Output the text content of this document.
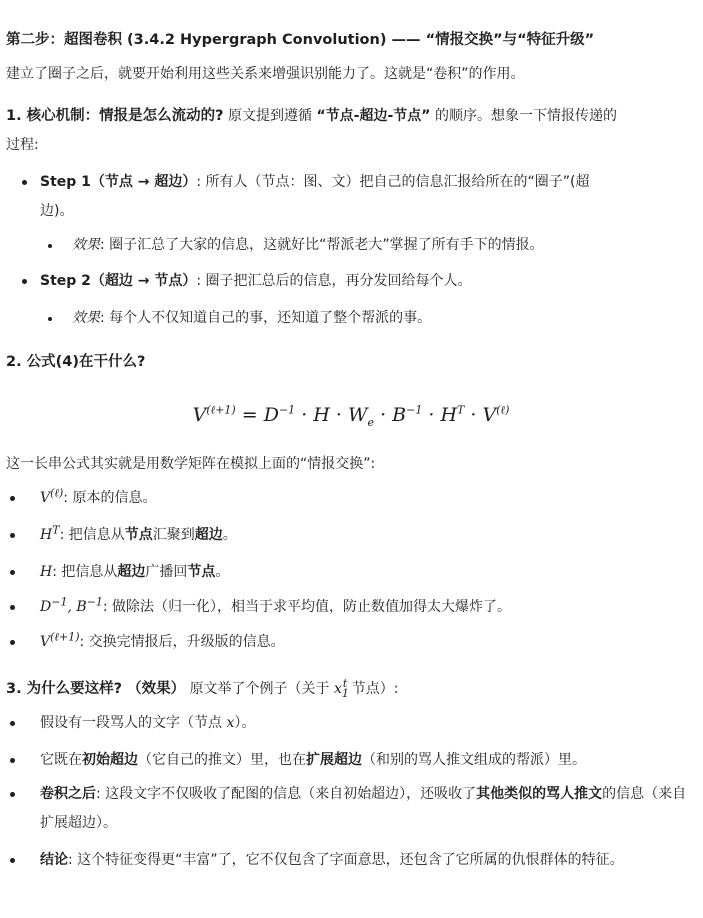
第二步：超图卷积 (3.4.2 Hypergraph Convolution) —— “情报交换”与“特征升级”
建立了圈子之后，就要开始利用这些关系来增强识别能力了。这就是“卷积”的作用。
1. 核心机制：情报是怎么流动的? 原文提到遵循 “节点-超边-节点” 的顺序。想象一下情报传递的
过程:
Step 1（节点 → 超边）: 所有人（节点：图、文）把自己的信息汇报给所在的“圈子”(超
边)。
效果: 圈子汇总了大家的信息，这就好比“帮派老大”掌握了所有手下的情报。
Step 2（超边 → 节点）: 圈子把汇总后的信息，再分发回给每个人。
效果: 每个人不仅知道自己的事，还知道了整个帮派的事。
2. 公式(4)在干什么?
$V^{(\ell+1)} = D^{-1} \cdot H \cdot W_e \cdot B^{-1} \cdot H^T \cdot V^{(\ell)}$
这一长串公式其实就是用数学矩阵在模拟上面的“情报交换”:
$V^{(\ell)}$: 原本的信息。
$H^T$: 把信息从节点汇聚到超边。
H: 把信息从超边广播回节点。
$D^{-1}$, $B^{-1}$: 做除法（归一化），相当于求平均值，防止数值加得太大爆炸了。
$V^{(\ell+1)}$: 交换完情报后，升级版的信息。
3. 为什么要这样? （效果） 原文举了个例子（关于 $x_1^t$ 节点）:
假设有一段骂人的文字（节点 x）。
它既在初始超边（它自己的推文）里，也在扩展超边（和别的骂人推文组成的帮派）里。
卷积之后: 这段文字不仅吸收了配图的信息（来自初始超边），还吸收了其他类似的骂人推文的信息（来自扩展超边）。
结论: 这个特征变得更“丰富”了，它不仅包含了字面意思，还包含了它所属的仇恨群体的特征。
